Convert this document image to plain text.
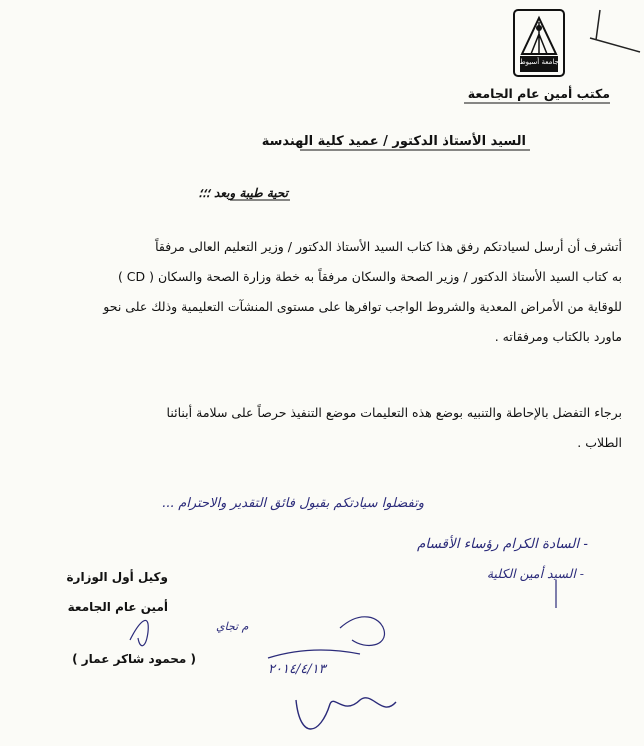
جامعة أسيوط
مكتب أمين عام الجامعة
السيد الأستاذ الدكتور / عميد كلية الهندسة
تحية طيبة وبعد ؛؛؛
أتشرف أن أرسل لسيادتكم رفق هذا كتاب السيد الأستاذ الدكتور / وزير التعليم العالى مرفقاً
به كتاب السيد الأستاذ الدكتور / وزير الصحة والسكان مرفقاً به خطة وزارة الصحة والسكان ( CD )
للوقاية من الأمراض المعدية والشروط الواجب توافرها على مستوى المنشآت التعليمية وذلك على نحو
ماورد بالكتاب ومرفقاته .
برجاء التفضل بالإحاطة والتنبيه بوضع هذه التعليمات موضع التنفيذ حرصاً على سلامة أبنائنا
الطلاب .
وتفضلوا سيادتكم بقبول فائق التقدير والاحترام ...
- السادة الكرام رؤساء الأقسام
- السيد أمين الكلية
وكيل أول الوزارة
أمين عام الجامعة
( محمود شاكر عمار )
م تجاي
٢٠١٤/٤/١٣
